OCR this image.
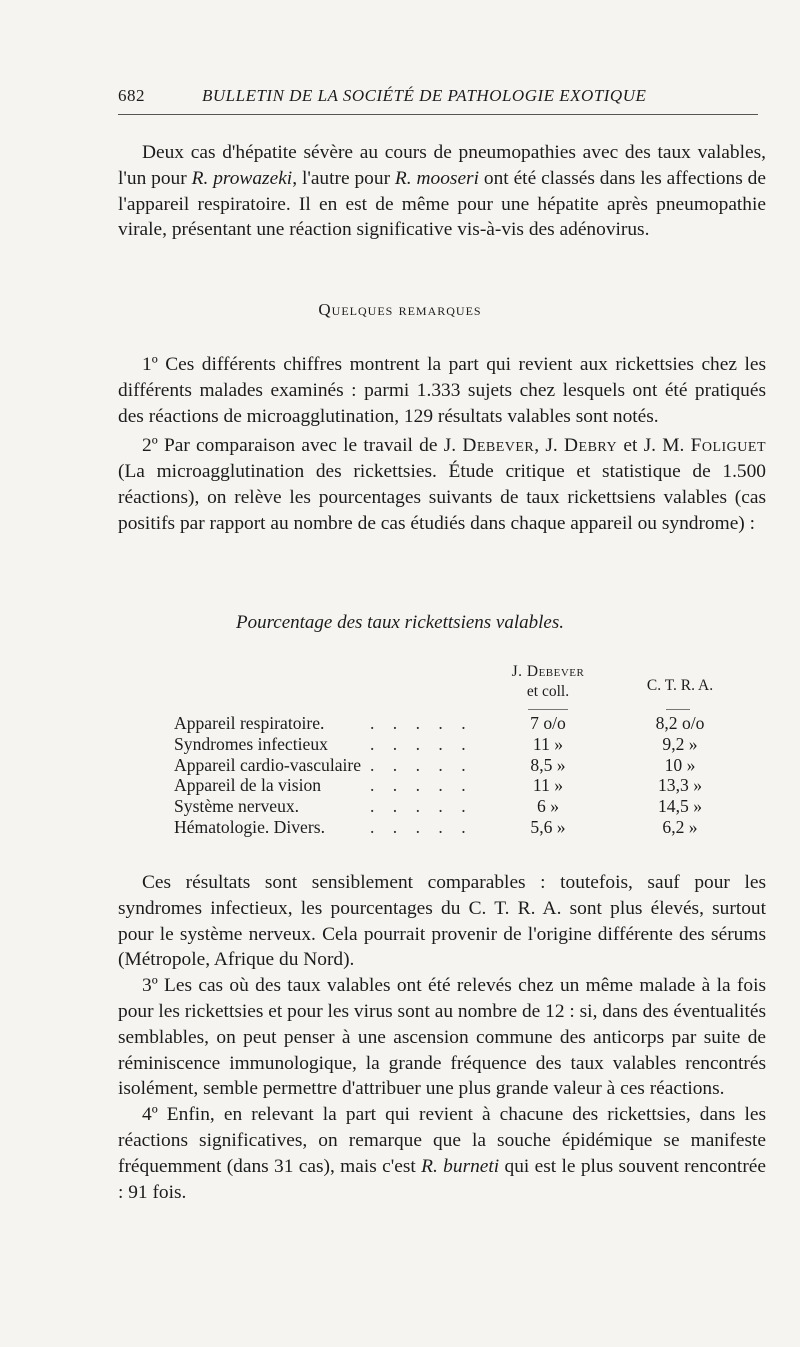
682	BULLETIN DE LA SOCIÉTÉ DE PATHOLOGIE EXOTIQUE

Deux cas d'hépatite sévère au cours de pneumopathies avec des taux valables, l'un pour R. prowazeki, l'autre pour R. mooseri ont été classés dans les affections de l'appareil respiratoire. Il en est de même pour une hépatite après pneumopathie virale, présentant une réaction significative vis-à-vis des adénovirus.

Quelques remarques

1º Ces différents chiffres montrent la part qui revient aux rickettsies chez les différents malades examinés : parmi 1.333 sujets chez lesquels ont été pratiqués des réactions de microagglutination, 129 résultats valables sont notés.

2º Par comparaison avec le travail de J. Debever, J. Debry et J. M. Foliguet (La microagglutination des rickettsies. Étude critique et statistique de 1.500 réactions), on relève les pourcentages suivants de taux rickettsiens valables (cas positifs par rapport au nombre de cas étudiés dans chaque appareil ou syndrome) :

Pourcentage des taux rickettsiens valables.
J. Debever
et coll.	C. T. R. A.
Appareil respiratoire.	. . . . .	7 o/o	8,2 o/o
Syndromes infectieux . . . . .	11 »	9,2 »
Appareil cardio-vasculaire . . . . .	8,5 »	10 »
Appareil de la vision	. . . . .	11 »	13,3 »
Système nerveux.	. . . . .	6 »	14,5 »
Hématologie. Divers.	. . . . .	5,6 »	6,2 »

Ces résultats sont sensiblement comparables : toutefois, sauf pour les syndromes infectieux, les pourcentages du C. T. R. A. sont plus élevés, surtout pour le système nerveux. Cela pourrait provenir de l'origine différente des sérums (Métropole, Afrique du Nord).

3º Les cas où des taux valables ont été relevés chez un même malade à la fois pour les rickettsies et pour les virus sont au nombre de 12 : si, dans des éventualités semblables, on peut penser à une ascension commune des anticorps par suite de réminiscence immunologique, la grande fréquence des taux valables rencontrés isolément, semble permettre d'attribuer une plus grande valeur à ces réactions.

4º Enfin, en relevant la part qui revient à chacune des rickettsies, dans les réactions significatives, on remarque que la souche épidémique se manifeste fréquemment (dans 31 cas), mais c'est R. burneti qui est le plus souvent rencontrée : 91 fois.
